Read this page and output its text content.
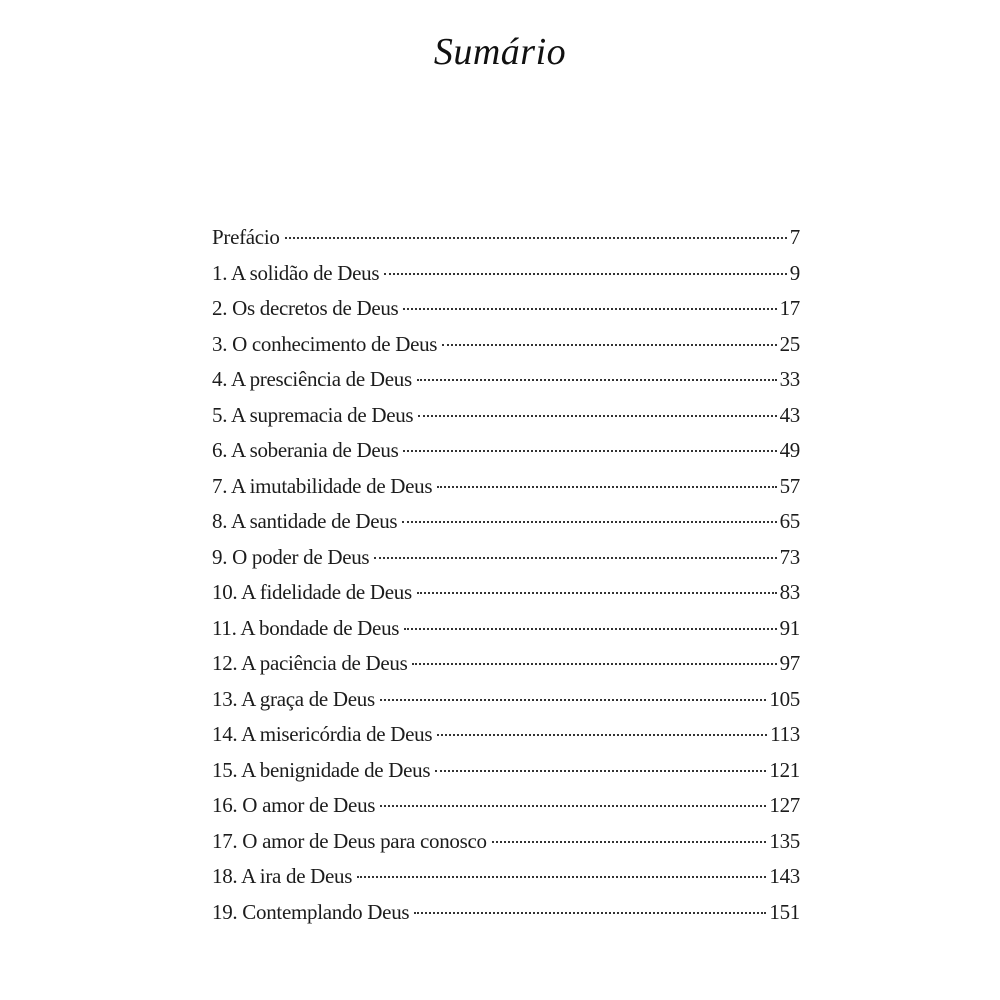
Sumário
Prefácio	7
1. A solidão de Deus	9
2. Os decretos de Deus	17
3. O conhecimento de Deus	25
4. A presciência de Deus	33
5. A supremacia de Deus	43
6. A soberania de Deus	49
7. A imutabilidade de Deus	57
8. A santidade de Deus	65
9. O poder de Deus	73
10. A fidelidade de Deus	83
11. A bondade de Deus	91
12. A paciência de Deus	97
13. A graça de Deus	105
14. A misericórdia de Deus	113
15. A benignidade de Deus	121
16. O amor de Deus	127
17. O amor de Deus para conosco	135
18. A ira de Deus	143
19. Contemplando Deus	151
